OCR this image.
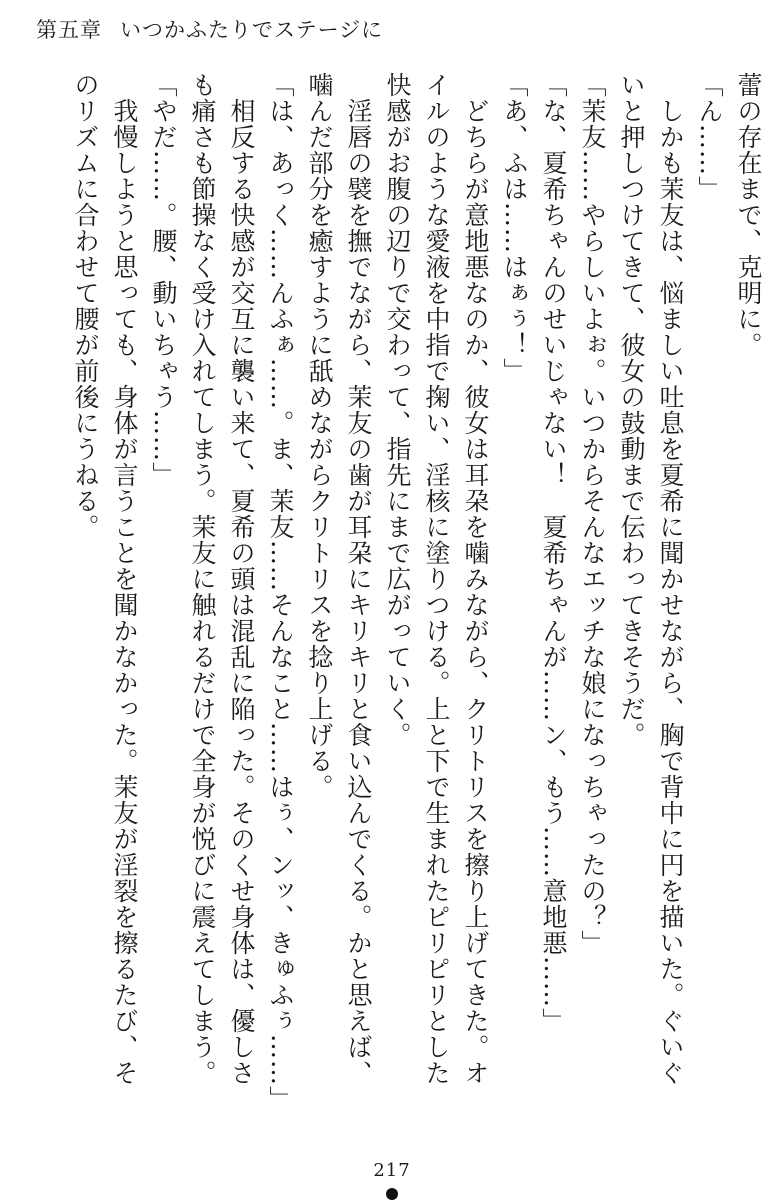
第五章 いつかふたりでステージに

蕾の存在まで、克明に。

「ん……」

　しかも茉友は、悩ましい吐息を夏希に聞かせながら、胸で背中に円を描いた。ぐいぐいと押しつけてきて、彼女の鼓動まで伝わってきそうだ。

「茉友……やらしいよぉ。いつからそんなエッチな娘になっちゃったの？」

「な、夏希ちゃんのせいじゃない！　夏希ちゃんが……ン、もう……意地悪……」

「あ、ふは……はぁぅ！」

　どちらが意地悪なのか、彼女は耳朶を噛みながら、クリトリスを擦り上げてきた。オイルのような愛液を中指で掬い、淫核に塗りつける。上と下で生まれたピリピリとした快感がお腹の辺りで交わって、指先にまで広がっていく。

　淫唇の襞を撫でながら、茉友の歯が耳朶にキリキリと食い込んでくる。かと思えば、噛んだ部分を癒すように舐めながらクリトリスを捻り上げる。

「は、あっく……んふぁ……。ま、茉友……そんなこと……はぅ、ンッ、きゅふぅ……」

　相反する快感が交互に襲い来て、夏希の頭は混乱に陥った。そのくせ身体は、優しさも痛さも節操なく受け入れてしまう。茉友に触れるだけで全身が悦びに震えてしまう。

「やだ……。腰、動いちゃう……」

　我慢しようと思っても、身体が言うことを聞かなかった。茉友が淫裂を擦るたび、そのリズムに合わせて腰が前後にうねる。

217
